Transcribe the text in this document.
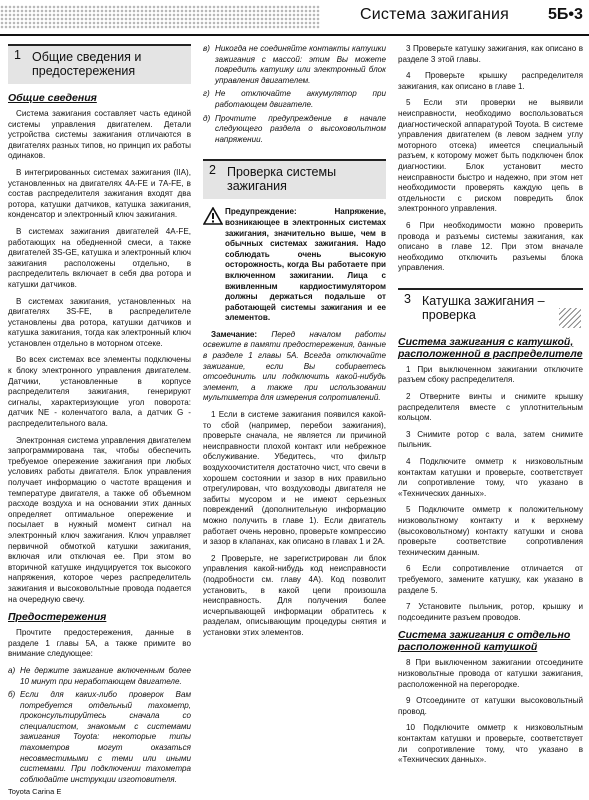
Система зажигания 5Б•3
1 Общие сведения и предостережения
Общие сведения

Система зажигания составляет часть единой системы управления двигателем. Детали устройства системы зажигания отличаются в двигателях разных типов, но принцип их работы одинаков.

В интегрированных системах зажигания (IIA), установленных на двигателях 4A-FE и 7A-FE, в состав распределителя зажигания входят два ротора, катушки датчиков, катушка зажигания, конденсатор и электронный ключ зажигания.

В системах зажигания двигателей 4A-FE, работающих на обедненной смеси, а также двигателей 3S-GE, катушка и электронный ключ зажигания расположены отдельно, в распределитель включает в себя два ротора и катушки датчиков.

В системах зажигания, установленных на двигателях 3S-FE, в распределителе установлены два ротора, катушки датчиков и катушка зажигания, тогда как электронный ключ установлен отдельно в моторном отсеке.

Во всех системах все элементы подключены к блоку электронного управления двигателем. Датчики, установленные в корпусе распределителя зажигания, генерируют сигналы, характеризующие угол поворота: датчик NE - коленчатого вала, а датчик G - распределительного вала.

Электронная система управления двигателем запрограммирована так, чтобы обеспечить требуемое опережение зажигания при любых условиях работы двигателя. Блок управления получает информацию о частоте вращения и температуре двигателя, а также об объемном расходе воздуха и на основании этих данных определяет оптимальное опережение и посылает в нужный момент сигнал на электронный ключ зажигания. Ключ управляет первичной обмоткой катушки зажигания, включая или отключая ее. При этом во вторичной катушке индуцируется ток высокого напряжения, которое через распределитель зажигания и высоковольтные провода подается на очередную свечу.

Предостережения

Прочтите предостережения, данные в разделе 1 главы 5А, а также примите во внимание следующее:

a) Не держите зажигание включенным более 10 минут при неработающем двигателе.
б) Если для каких-либо проверок Вам потребуется отдельный тахометр, проконсультируйтесь сначала со специалистом, знакомым с системами зажигания Toyota: некоторые типы тахометров могут оказаться несовместимыми с теми или иными системами. При подключении тахометра соблюдайте инструкции изготовителя.
в) Никогда не соединяйте контакты катушки зажигания с массой: этим Вы можете повредить катушку или электронный блок управления двигателем.
г) Не отключайте аккумулятор при работающем двигателе.
д) Прочтите предупреждение в начале следующего раздела о высоковольтном напряжении.
2 Проверка системы зажигания
Предупреждение: Напряжение, возникающее в электронных системах зажигания, значительно выше, чем в обычных системах зажигания. Надо соблюдать очень высокую осторожность, когда Вы работаете при включенном зажигании. Лица с вживленным кардиостимулятором должны держаться подальше от работающей системы зажигания и ее элементов.

Замечание: Перед началом работы освежите в памяти предостережения, данные в разделе 1 главы 5А. Всегда отключайте зажигание, если Вы собираетесь отсоединить или подключить какой-нибудь элемент, а также при использовании мультиметра для измерения сопротивлений.

1 Если в системе зажигания появился какой-то сбой (например, перебои зажигания), проверьте сначала, не является ли причиной неисправности плохой контакт или небрежное обслуживание. Убедитесь, что фильтр воздухоочистителя достаточно чист, что свечи в хорошем состоянии и зазор в них правильно отрегулирован, что воздуховоды двигателя не забиты мусором и не имеют серьезных повреждений (дополнительную информацию можно получить в главе 1). Если двигатель работает очень неровно, проверьте компрессию и зазор в клапанах, как описано в главах 1 и 2А.

2 Проверьте, не зарегистрирован ли блок управления какой-нибудь код неисправности (подробности см. главу 4А). Код позволит установить, в какой цепи произошла неисправность. Для получения более исчерпывающей информации обратитесь к разделам, описывающим процедуры снятия и установки этих элементов.

3 Проверьте катушку зажигания, как описано в разделе 3 этой главы.

4 Проверьте крышку распределителя зажигания, как описано в главе 1.

5 Если эти проверки не выявили неисправности, необходимо воспользоваться диагностической аппаратурой Toyota. В системе управления двигателем (в левом заднем углу моторного отсека) имеется специальный разъем, к которому может быть подключен блок диагностики. Блок установит место неисправности быстро и надежно, при этом нет необходимости проверять каждую цепь в отдельности с риском повредить блок электронного управления.

6 При необходимости можно проверить провода и разъемы системы зажигания, как описано в главе 12. При этом вначале необходимо отключить разъемы блока управления.

3 Катушка зажигания – проверка
Система зажигания с катушкой, расположенной в распределителе

1 При выключенном зажигании отключите разъем сбоку распределителя.

2 Отверните винты и снимите крышку распределителя вместе с уплотнительным кольцом.

3 Снимите ротор с вала, затем снимите пыльник.

4 Подключите омметр к низковольтным контактам катушки и проверьте, соответствует ли сопротивление тому, что указано в «Технических данных».

5 Подключите омметр к положительному низковольтному контакту и к верхнему (высоковольтному) контакту катушки и снова проверьте соответствие сопротивления техническим данным.

6 Если сопротивление отличается от требуемого, замените катушку, как указано в разделе 5.

7 Установите пыльник, ротор, крышку и подсоедините разъем проводов.

Система зажигания с отдельно расположенной катушкой

8 При выключенном зажигании отсоедините низковольтные провода от катушки зажигания, расположенной на перегородке.

9 Отсоедините от катушки высоковольтный провод.

10 Подключите омметр к низковольтным контактам катушки и проверьте, соответствует ли сопротивление тому, что указано в «Технических данных».

Toyota Carina E
